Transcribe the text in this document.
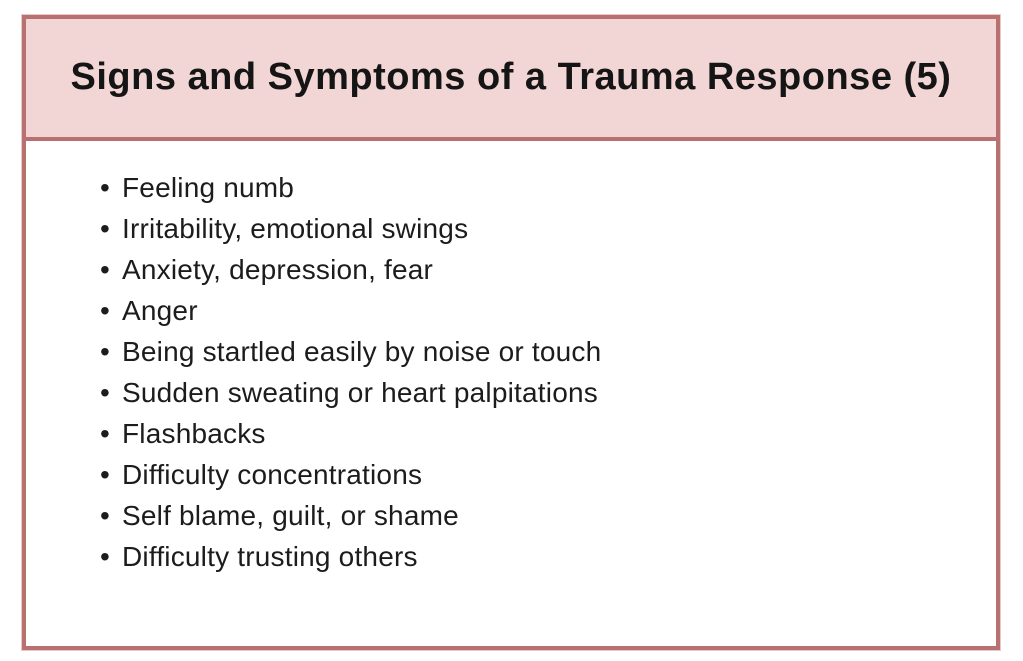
Signs and Symptoms of a Trauma Response (5)
• Feeling numb
• Irritability, emotional swings
• Anxiety, depression, fear
• Anger
• Being startled easily by noise or touch
• Sudden sweating or heart palpitations
• Flashbacks
• Difficulty concentrations
• Self blame, guilt, or shame
• Difficulty trusting others
